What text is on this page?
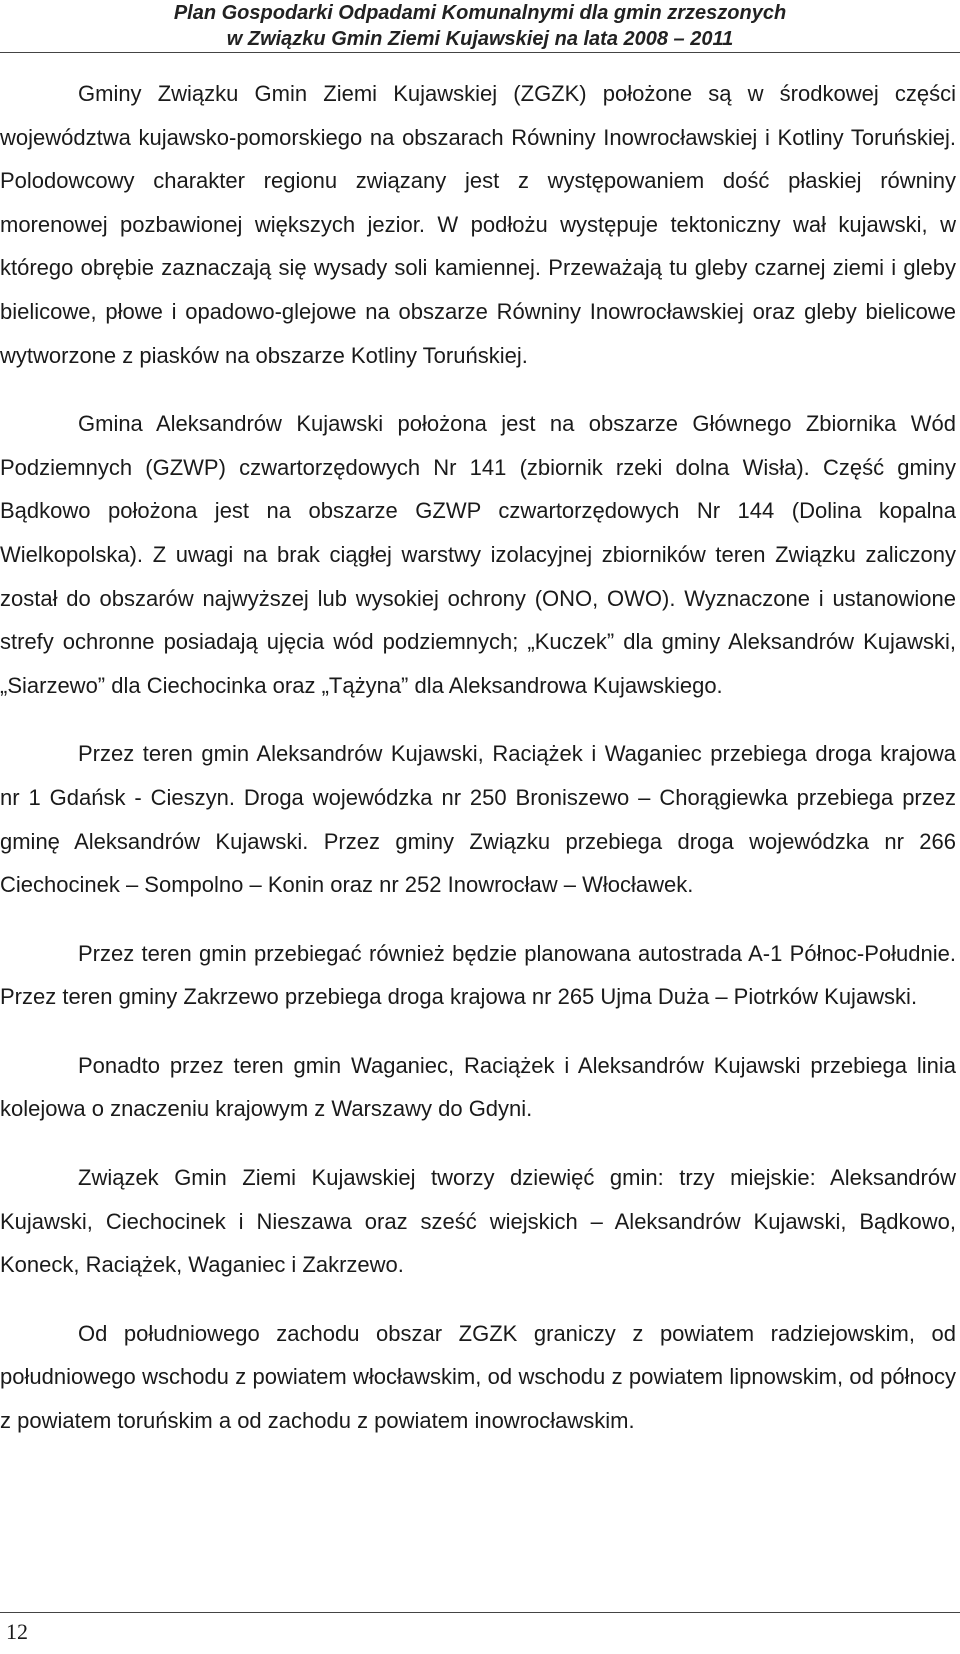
Plan Gospodarki Odpadami Komunalnymi dla gmin zrzeszonych
w Związku Gmin Ziemi Kujawskiej na lata 2008 – 2011

Gminy Związku Gmin Ziemi Kujawskiej (ZGZK) położone są w środkowej części województwa kujawsko-pomorskiego na obszarach Równiny Inowrocławskiej i Kotliny Toruńskiej. Polodowcowy charakter regionu związany jest z występowaniem dość płaskiej równiny morenowej pozbawionej większych jezior. W podłożu występuje tektoniczny wał kujawski, w którego obrębie zaznaczają się wysady soli kamiennej. Przeważają tu gleby czarnej ziemi i gleby bielicowe, płowe i opadowo-glejowe na obszarze Równiny Inowrocławskiej oraz gleby bielicowe wytworzone z piasków na obszarze Kotliny Toruńskiej.

Gmina Aleksandrów Kujawski położona jest na obszarze Głównego Zbiornika Wód Podziemnych (GZWP) czwartorzędowych Nr 141 (zbiornik rzeki dolna Wisła). Część gminy Bądkowo położona jest na obszarze GZWP czwartorzędowych Nr 144 (Dolina kopalna Wielkopolska). Z uwagi na brak ciągłej warstwy izolacyjnej zbiorników teren Związku zaliczony został do obszarów najwyższej lub wysokiej ochrony (ONO, OWO). Wyznaczone i ustanowione strefy ochronne posiadają ujęcia wód podziemnych; „Kuczek” dla gminy Aleksandrów Kujawski, „Siarzewo” dla Ciechocinka oraz „Tążyna” dla Aleksandrowa Kujawskiego.

Przez teren gmin Aleksandrów Kujawski, Raciążek i Waganiec przebiega droga krajowa nr 1 Gdańsk - Cieszyn. Droga wojewódzka nr 250 Broniszewo – Chorągiewka przebiega przez gminę Aleksandrów Kujawski. Przez gminy Związku przebiega droga wojewódzka nr 266 Ciechocinek – Sompolno – Konin oraz nr 252 Inowrocław – Włocławek.

Przez teren gmin przebiegać również będzie planowana autostrada A-1 Północ-Południe. Przez teren gminy Zakrzewo przebiega droga krajowa nr 265 Ujma Duża – Piotrków Kujawski.

Ponadto przez teren gmin Waganiec, Raciążek i Aleksandrów Kujawski przebiega linia kolejowa o znaczeniu krajowym z Warszawy do Gdyni.

Związek Gmin Ziemi Kujawskiej tworzy dziewięć gmin: trzy miejskie: Aleksandrów Kujawski, Ciechocinek i Nieszawa oraz sześć wiejskich – Aleksandrów Kujawski, Bądkowo, Koneck, Raciążek, Waganiec i Zakrzewo.

Od południowego zachodu obszar ZGZK graniczy z powiatem radziejowskim, od południowego wschodu z powiatem włocławskim, od wschodu z powiatem lipnowskim, od północy z powiatem toruńskim a od zachodu z powiatem inowrocławskim.

12
